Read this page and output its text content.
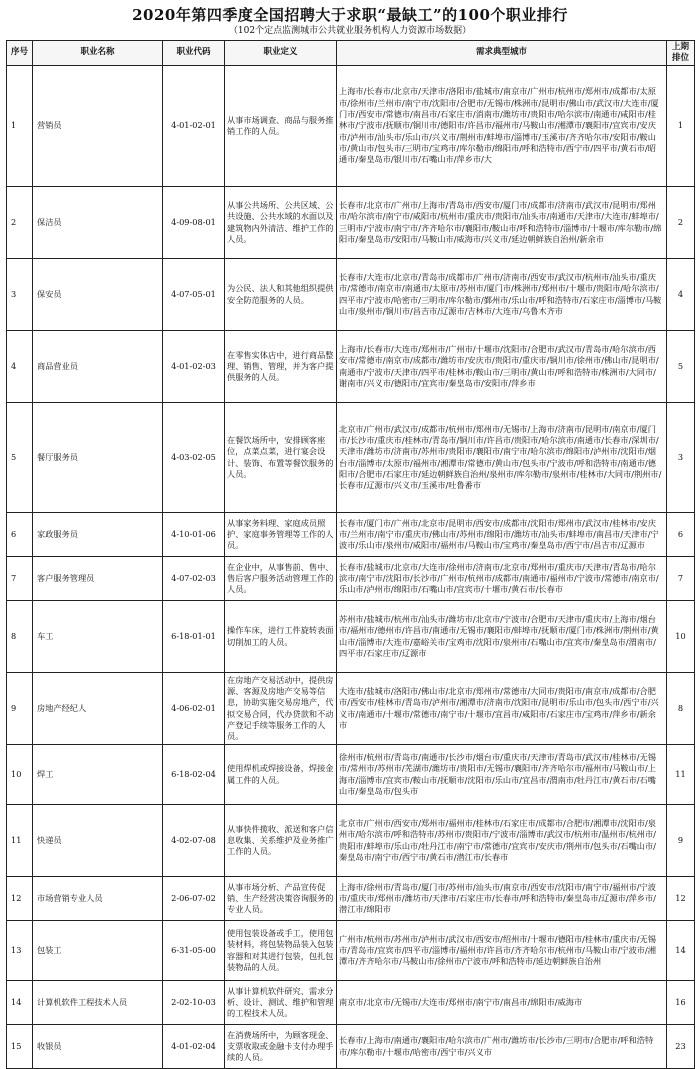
2020年第四季度全国招聘大于求职“最缺工”的100个职业排行
（102个定点监测城市公共就业服务机构人力资源市场数据）
序号	职业名称	职业代码	职业定义	需求典型城市	上期排位
1	营销员	4-01-02-01	从事市场调查、商品与服务推销工作的人员。	上海市/长春市/北京市/天津市/洛阳市/盐城市/南京市/广州市/杭州市/郑州市/成都市/太原市/徐州市/兰州市/南宁市/沈阳市/合肥市/无锡市/株洲市/昆明市/佛山市/武汉市/大连市/厦门市/西安市/常德市/南昌市/石家庄市/消南市/潍坊市/贵阳市/哈尔滨市/南通市/咸阳市/桂林市/宁波市/抚顺市/铜川市/德阳市/许昌市/福州市/马鞍山市/湘潭市/襄阳市/宜宾市/安庆市/泸州市/汕头市/乐山市/兴义市/荆州市/蚌埠市/淄博市/玉溪市/齐齐哈尔市/安阳市/鞍山市/黄山市/包头市/三明市/宝鸡市/库尔勒市/绵阳市/呼和浩特市/西宁市/四平市/黄石市/昭通市/秦皇岛市/银川市/石嘴山市/萍乡市/大	1
2	保洁员	4-09-08-01	从事公共场所、公共区域、公共设施、公共水域的水面以及建筑物内外清洁、维护工作的人员。	长春市/北京市/广州市/上海市/青岛市/西安市/厦门市/成都市/济南市/武汉市/昆明市/郑州市/哈尔滨市/南宁市/咸阳市/杭州市/重庆市/贵阳市/汕头市/南通市/天津市/大连市/蚌埠市/三明市/宁波市/南宁市/齐齐哈尔市/襄阳市/鞍山市/呼和浩特市/淄博市/十堰市/库尔勒市/绵阳市/秦皇岛市/安阳市/马鞍山市/威海市/兴义市/延边朝鲜族自治州/新余市	2
3	保安员	4-07-05-01	为公民、法人和其他组织提供安全防范服务的人员。	长春市/大连市/北京市/青岛市/成都市/广州市/济南市/西安市/武汉市/杭州市/汕头市/重庆市/常德市/南京市/南通市/太原市/苏州市/厦门市/株洲市/郑州市/十堰市/贵阳市/哈尔滨市/四平市/宁波市/哈密市/三明市/库尔勒市/鄞州市/乐山市/呼和浩特市/石家庄市/淄博市/马鞍山市/泉州市/铜川市/昌吉市/辽源市/吉林市/大连市/乌鲁木齐市	4
4	商品营业员	4-01-02-03	在零售实体店中，进行商品整理、销售、管理，并为客户提供服务的人员。	上海市/长春市/大连市/郑州市/广州市/十堰市/沈阳市/合肥市/武汉市/青岛市/哈尔滨市/西安市/常德市/南京市/成都市/潍坊市/安庆市/贵阳市/重庆市/铜川市/徐州市/佛山市/昆明市/南通市/宁波市/天津市/四平市/桂林市/鞍山市/三明市/黄山市/呼和浩特市/株洲市/大同市/谢南市/兴义市/德阳市/宜宾市/秦皇岛市/安阳市/萍乡市	5
5	餐厅服务员	4-03-02-05	在餐饮场所中，安排顾客座位，点菜点菜，进行宴会设计、装饰、布置等餐饮服务的人员。	北京市/广州市/武汉市/成都市/杭州市/郑州市/无锡市/上海市/济南市/昆明市/南京市/厦门市/长沙市/重庆市/桂林市/青岛市/铜川市/许昌市/贵阳市/哈尔滨市/南通市/长春市/深圳市/天津市/潍坊市/济南市/苏州市/贵阳市/襄阳市/南宁市/哈尔滨市/绵阳市/泸州市/沈阳市/烟台市/淄博市/太原市/福州市/湘潭市/常德市/黄山市/包头市/宁波市/呼和浩特市/南通市/德阳市/合肥市/石家庄市/延边朝鲜族自治州/泉州市/库尔勒市/泉州市/桂林市/大同市/荆州市/长春市/辽源市/兴义市/玉溪市/吐鲁番市	3
6	家政服务员	4-10-01-06	从事家务料理、家庭成员照护、家庭事务管理等工作的人员。	长春市/厦门市/广州市/北京市/昆明市/西安市/成都市/沈阳市/郑州市/武汉市/桂林市/安庆市/兰州市/南宁市/重庆市/佛山市/苏州市/绵阳市/潍坊市/汕头市/蚌埠市/南昌市/天津市/宁波市/乐山市/泉州市/咸阳市/福州市/马鞍山市/宝鸡市/秦皇岛市/西宁市/昌吉市/辽源市	6
7	客户服务管理员	4-07-02-03	在企业中，从事售前、售中、售后客户服务活动管理工作的人员。	长春市/盐城市/北京市/大连市/徐州市/济南市/北京市/郑州市/重庆市/天津市/青岛市/哈尔滨市/南宁市/沈阳市/长沙市/广州市/杭州市/成都市/南通市/福州市/宁波市/常德市/南京市/乐山市/泸州市/绵阳市/石嘴山市/宜宾市/十堰市/黄石市/长春市	7
8	车工	6-18-01-01	操作车床，进行工件旋转表面切削加工的人员。	苏州市/盐城市/杭州市/汕头市/潍坊市/北京市/宁波市/合肥市/天津市/重庆市/上海市/烟台市/福州市/德州市/许昌市/南通市/无锡市/襄阳市/蚌埠市/抚顺市/厦门市/株洲市/荆州市/黄山市/淄博市/大连市/嘉峪关市/宝鸡市/沈阳市/泉州市/石嘴山市/宜宾市/秦皇岛市/渭南市/四平市/石家庄市/辽源市	10
9	房地产经纪人	4-06-02-01	在房地产交易活动中，提供房源、客源及房地产交易等信息，协助实施交易房地产，代拟交易合同，代办贷款和不动产登记手续等服务工作的人员。	大连市/盐城市/洛阳市/佛山市/北京市/郑州市/常德市/大同市/贵阳市/南京市/成都市/合肥市/西安市/桂林市/青岛市/泸州市/湘潭市/济南市/沈阳市/昆明市/乐山市/包头市/西宁市/兴义市/南通市/十堰市/常德市/南宁市/十堰市/宜昌市/咸阳市/石家庄市/宝鸡市/萍乡市/新余市	8
10	焊工	6-18-02-04	使用焊机或焊接设备，焊接金属工件的人员。	徐州市/杭州市/青岛市/南通市/长沙市/烟台市/重庆市/天津市/青岛市/武汉市/桂林市/无锡市/常州市/苏州市/芜湖市/潍坊市/贵阳市/无锡市/襄阳市/齐齐哈尔市/福州市/马鞍山市/上海市/淄博市/宜宾市/鞍山市/抚顺市/沈阳市/乐山市/宜昌市/渭南市/牡丹江市/黄石市/石嘴山市/秦皇岛市/包头市	11
11	快递员	4-02-07-08	从事快件揽收、派送和客户信息收集、关系维护及业务推广工作的人员。	北京市/广州市/西安市/郑州市/福州市/桂林市/石家庄市/成都市/合肥市/湘潭市/沈阳市/泉州市/哈尔滨市/呼和浩特市/苏州市/贵阳市/宁波市/淄博市/武汉市/杭州市/温州市/杭州市/贵阳市/蚌埠市/乐山市/牡丹江市/南宁市/常德市/宜宾市/安庆市/荆州市/包头市/石嘴山市/秦皇岛市/南宁市/西宁市/黄石市/潜江市/长春市	9
12	市场营销专业人员	2-06-07-02	从事市场分析、产品宣传促销、生产经营决策咨询服务的专业人员。	上海市/徐州市/青岛市/厦门市/苏州市/汕头市/南京市/西安市/沈阳市/南宁市/福州市/宁波市/重庆市/郑州市/潍坊市/天津市/石家庄市/长春市/呼和浩特市/秦皇岛市/辽源市/萍乡市/潜江市/绵阳市	12
13	包装工	6-31-05-00	使用包装设备或手工，使用包装材料，将包装物品装入包装容器和对其进行包装，包扎包装物品的人员。	广州市/杭州市/苏州市/泸州市/武汉市/西安市/绍州市/十堰市/德阳市/桂林市/重庆市/无锡市/青岛市/宜宾市/四平市/淄博市/福州市/许昌市/齐齐哈尔市/杭州市/马鞍山市/宁波市/湘潭市/齐齐哈尔市/马鞍山市/徐州市/宁波市/呼和浩特市/延边朝鲜族自治州	14
14	计算机软件工程技术人员	2-02-10-03	从事计算机软件研究、需求分析、设计、测试、维护和管理的工程技术人员。	南京市/北京市/无锡市/大连市/郑州市/南宁市/南昌市/绵阳市/威海市	16
15	收银员	4-01-02-04	在消费场所中，为顾客现金、支票收取或金融卡支付办理手续的人员。	长春市/上海市/南通市/襄阳市/哈尔滨市/广州市/潍坊市/长沙市/三明市/合肥市/呼和浩特市/库尔勒市/十堰市/哈密市/西宁市/兴义市	23
